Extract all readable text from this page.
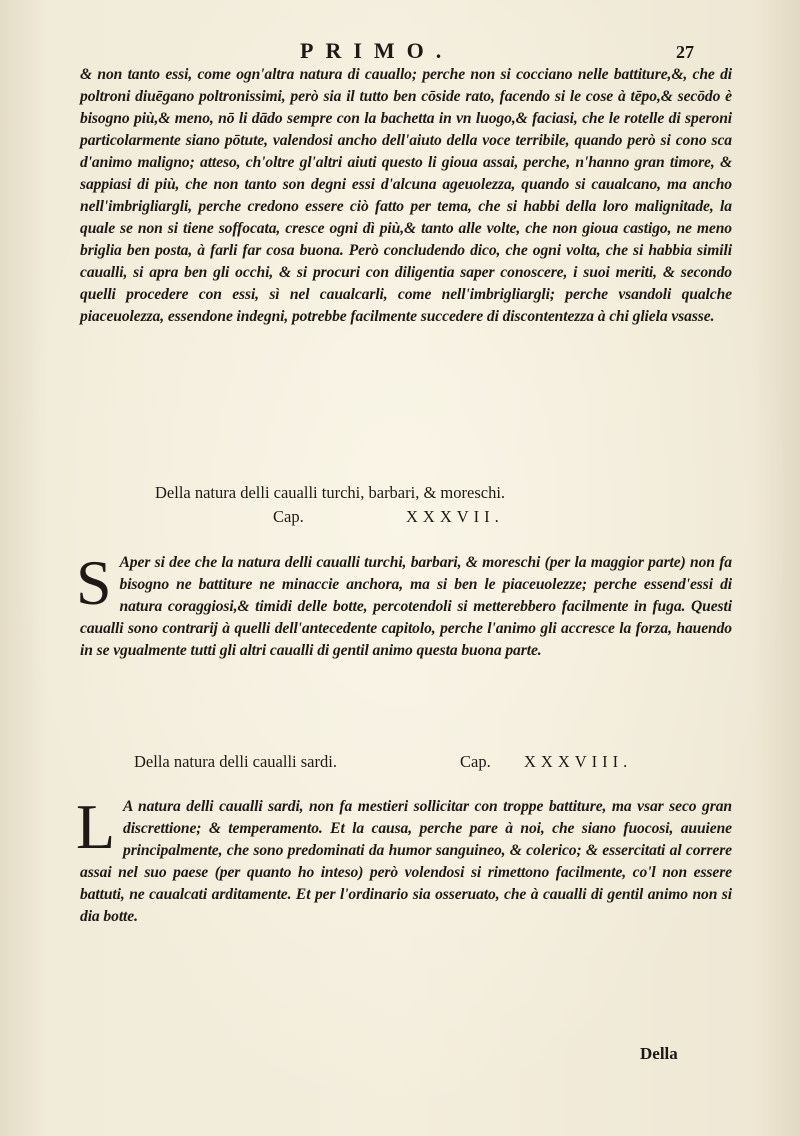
PRIMO.	27

& non tanto essi, come ogn'altra natura di cauallo; perche non si cocciano nelle battiture,&, che di poltroni diuēgano poltronissimi, però sia il tutto ben cōside rato, facendo si le cose à tēpo,& secōdo è bisogno più,& meno, nō li dādo sempre con la bachetta in vn luogo,& faciasi, che le rotelle di speroni particolarmente siano pōtute, valendosi ancho dell'aiuto della voce terribile, quando però si cono sca d'animo maligno; atteso, ch'oltre gl'altri aiuti questo li gioua assai, perche, n'hanno gran timore, & sappiasi di più, che non tanto son degni essi d'alcuna ageuolezza, quando si caualcano, ma ancho nell'imbrigliargli, perche credono essere ciò fatto per tema, che si habbi della loro malignitade, la quale se non si tiene soffocata, cresce ogni dì più,& tanto alle volte, che non gioua castigo, ne meno briglia ben posta, à farli far cosa buona. Però concludendo dico, che ogni volta, che si habbia simili caualli, si apra ben gli occhi, & si procuri con diligentia saper conoscere, i suoi meriti, & secondo quelli procedere con essi, sì nel caualcarli, come nell'imbrigliargli; perche vsandoli qualche piaceuolezza, essendone indegni, potrebbe facilmente succedere di discontentezza à chi gliela vsasse.

Della natura delli caualli turchi, barbari, & moreschi.
Cap.	XXXVII.
S Aper si dee che la natura delli caualli turchi, barbari, & moreschi (per la maggior parte) non fa bisogno ne battiture ne minaccie anchora, ma si ben le piaceuolezze; perche essend'essi di natura coraggiosi,& timidi delle botte, percotendoli si metterebbero facilmente in fuga. Questi caualli sono contrarij à quelli dell'antecedente capitolo, perche l'animo gli accresce la forza, hauendo in se vgualmente tutti gli altri caualli di gentil animo questa buona parte.
Della natura delli caualli sardi.	Cap. XXXVIII.
L A natura delli caualli sardi, non fa mestieri sollicitar con troppe battiture, ma vsar seco gran discrettione; & temperamento. Et la causa, perche pare à noi, che siano fuocosi, auuiene principalmente, che sono predominati da humor sanguineo, & colerico; & essercitati al correre assai nel suo paese (per quanto ho inteso) però volendosi si rimettono facilmente, co'l non essere battuti, ne caualcati arditamente. Et per l'ordinario sia osseruato, che à caualli di gentil animo non si dia botte.
Della
